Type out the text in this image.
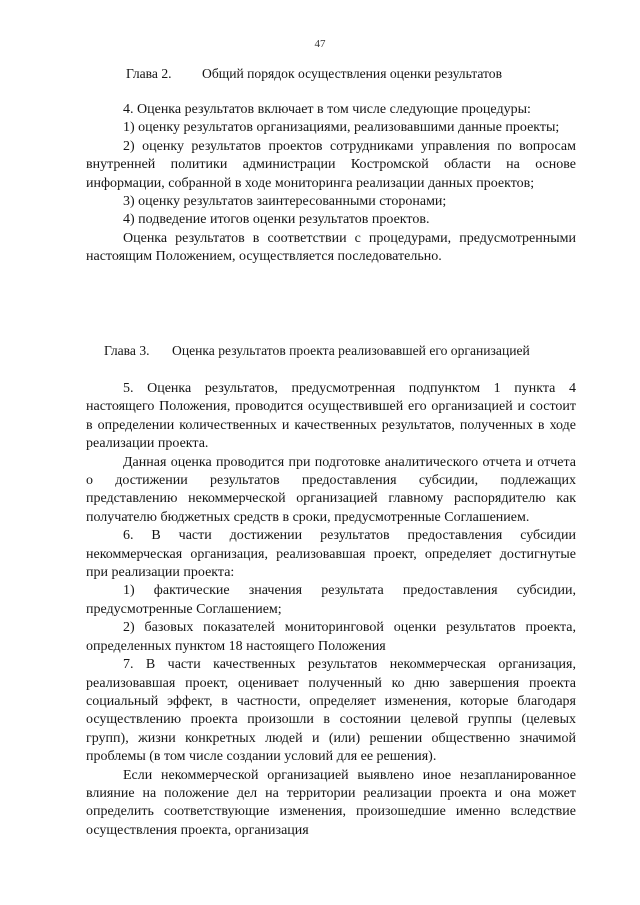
47
Глава 2. Общий порядок осуществления оценки результатов

4. Оценка результатов включает в том числе следующие процедуры:

1) оценку результатов организациями, реализовавшими данные проекты;

2) оценку результатов проектов сотрудниками управления по вопросам внутренней политики администрации Костромской области на основе информации, собранной в ходе мониторинга реализации данных проектов;

3) оценку результатов заинтересованными сторонами;

4) подведение итогов оценки результатов проектов.

Оценка результатов в соответствии с процедурами, предусмотренными настоящим Положением, осуществляется последовательно.

Глава 3. Оценка результатов проекта реализовавшей его организацией

5. Оценка результатов, предусмотренная подпунктом 1 пункта 4 настоящего Положения, проводится осуществившей его организацией и состоит в определении количественных и качественных результатов, полученных в ходе реализации проекта.

Данная оценка проводится при подготовке аналитического отчета и отчета о достижении результатов предоставления субсидии, подлежащих представлению некоммерческой организацией главному распорядителю как получателю бюджетных средств в сроки, предусмотренные Соглашением.

6. В части достижении результатов предоставления субсидии некоммерческая организация, реализовавшая проект, определяет достигнутые при реализации проекта:

1) фактические значения результата предоставления субсидии, предусмотренные Соглашением;

2) базовых показателей мониторинговой оценки результатов проекта, определенных пунктом 18 настоящего Положения

7. В части качественных результатов некоммерческая организация, реализовавшая проект, оценивает полученный ко дню завершения проекта социальный эффект, в частности, определяет изменения, которые благодаря осуществлению проекта произошли в состоянии целевой группы (целевых групп), жизни конкретных людей и (или) решении общественно значимой проблемы (в том числе создании условий для ее решения).

Если некоммерческой организацией выявлено иное незапланированное влияние на положение дел на территории реализации проекта и она может определить соответствующие изменения, произошедшие именно вследствие осуществления проекта, организация
